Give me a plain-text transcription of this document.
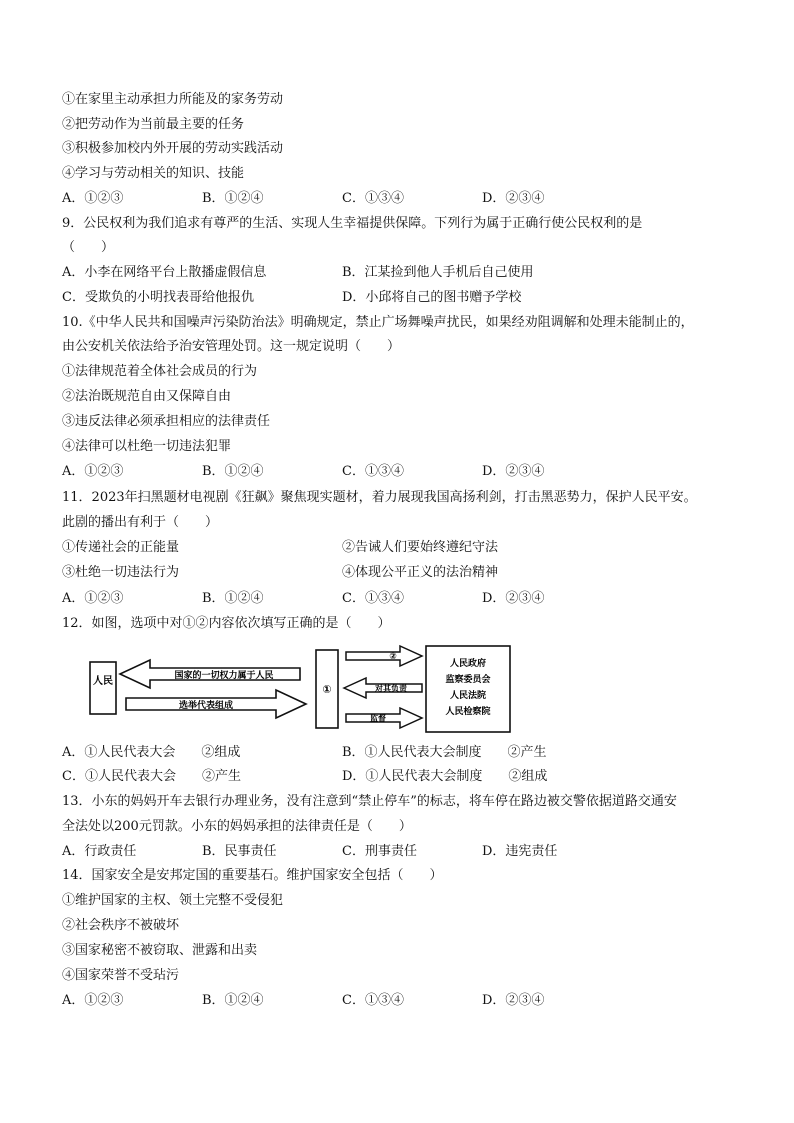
①在家里主动承担力所能及的家务劳动
②把劳动作为当前最主要的任务
③积极参加校内外开展的劳动实践活动
④学习与劳动相关的知识、技能
A．①②③	B．①②④	C．①③④	D．②③④
9．公民权利为我们追求有尊严的生活、实现人生幸福提供保障。下列行为属于正确行使公民权利的是
（　　）
A．小李在网络平台上散播虚假信息	B．江某捡到他人手机后自己使用
C．受欺负的小明找表哥给他报仇	D．小邱将自己的图书赠予学校
10.《中华人民共和国噪声污染防治法》明确规定，禁止广场舞噪声扰民，如果经劝阻调解和处理未能制止的，
由公安机关依法给予治安管理处罚。这一规定说明（　　）
①法律规范着全体社会成员的行为
②法治既规范自由又保障自由
③违反法律必须承担相应的法律责任
④法律可以杜绝一切违法犯罪
A．①②③	B．①②④	C．①③④	D．②③④
11．2023年扫黑题材电视剧《狂飙》聚焦现实题材，着力展现我国高扬利剑，打击黑恶势力，保护人民平安。
此剧的播出有利于（　　）
①传递社会的正能量	②告诫人们要始终遵纪守法
③杜绝一切违法行为	④体现公平正义的法治精神
A．①②③	B．①②④	C．①③④	D．②③④
12．如图，选项中对①②内容依次填写正确的是（　　）
人民	国家的一切权力属于人民
选举代表组成
①
②
对其负责
监督
人民政府
监察委员会
人民法院
人民检察院
A．①人民代表大会　　②组成	B．①人民代表大会制度　　②产生
C．①人民代表大会　　②产生	D．①人民代表大会制度　　②组成
13．小东的妈妈开车去银行办理业务，没有注意到“禁止停车”的标志，将车停在路边被交警依据道路交通安
全法处以200元罚款。小东的妈妈承担的法律责任是（　　）
A．行政责任	B．民事责任	C．刑事责任	D．违宪责任
14．国家安全是安邦定国的重要基石。维护国家安全包括（　　）
①维护国家的主权、领土完整不受侵犯
②社会秩序不被破坏
③国家秘密不被窃取、泄露和出卖
④国家荣誉不受玷污
A．①②③	B．①②④	C．①③④	D．②③④
